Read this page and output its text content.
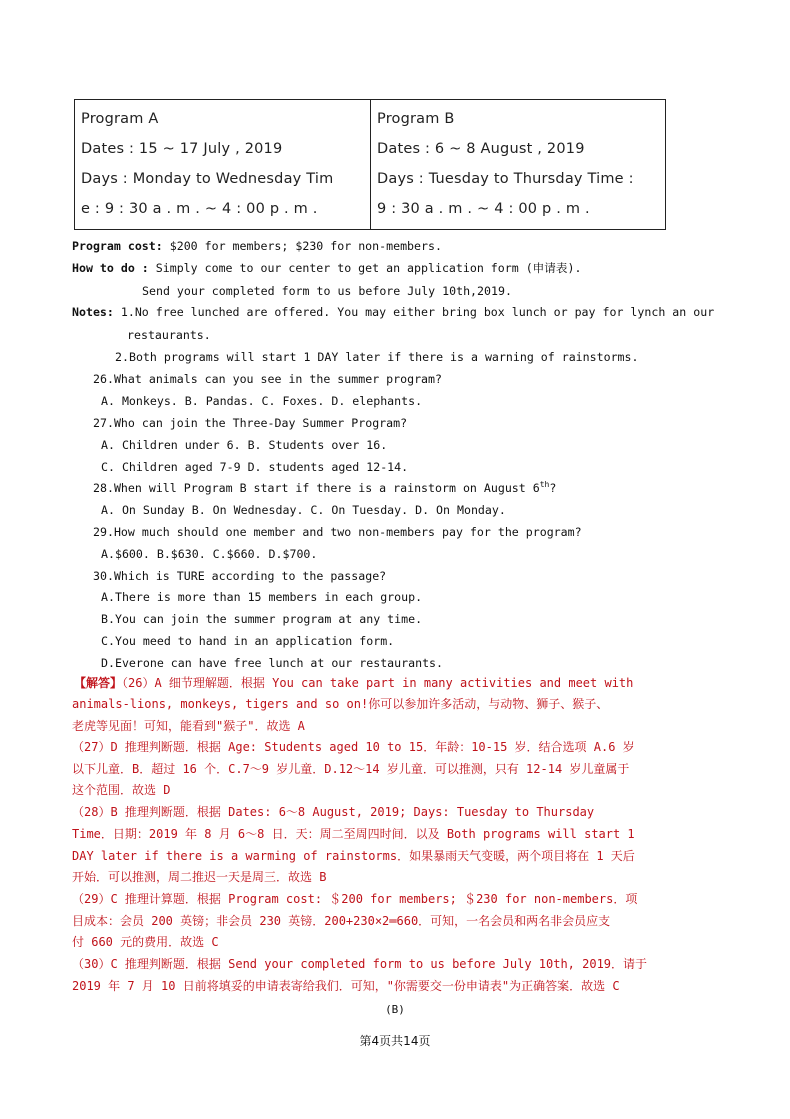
Program A
Dates : 15 ~ 17 July , 2019
Days : Monday to Wednesday Tim
e : 9 : 30 a . m . ~ 4 : 00 p . m .
Program B
Dates : 6 ~ 8 August , 2019
Days : Tuesday to Thursday Time :
9 : 30 a . m . ~ 4 : 00 p . m .
Program cost: $200 for members; $230 for non-members.
How to do : Simply come to our center to get an application form (申请表).
Send your completed form to us before July 10th,2019.
Notes: 1.No free lunched are offered. You may either bring box lunch or pay for lynch an our
restaurants.
2.Both programs will start 1 DAY later if there is a warning of rainstorms.
26.What animals can you see in the summer program?
A. Monkeys. B. Pandas. C. Foxes. D. elephants.
27.Who can join the Three-Day Summer Program?
A. Children under 6. B. Students over 16.
C. Children aged 7-9 D. students aged 12-14.
28.When will Program B start if there is a rainstorm on August 6th?
A. On Sunday B. On Wednesday. C. On Tuesday. D. On Monday.
29.How much should one member and two non-members pay for the program?
A.$600. B.$630. C.$660. D.$700.
30.Which is TURE according to the passage?
A.There is more than 15 members in each group.
B.You can join the summer program at any time.
C.You meed to hand in an application form.
D.Everone can have free lunch at our restaurants.
【解答】（26）A 细节理解题．根据 You can take part in many activities and meet with
animals-lions, monkeys, tigers and so on!你可以参加许多活动，与动物、狮子、猴子、
老虎等见面！可知，能看到"猴子"．故选 A
（27）D 推理判断题．根据 Age: Students aged 10 to 15．年龄：10-15 岁．结合选项 A.6 岁
以下儿童．B．超过 16 个．C.7～9 岁儿童．D.12～14 岁儿童．可以推测，只有 12-14 岁儿童属于
这个范围．故选 D
（28）B 推理判断题．根据 Dates: 6～8 August, 2019; Days: Tuesday to Thursday
Time．日期：2019 年 8 月 6～8 日．天：周二至周四时间．以及 Both programs will start 1
DAY later if there is a warming of rainstorms．如果暴雨天气变暖，两个项目将在 1 天后
开始．可以推测，周二推迟一天是周三．故选 B
（29）C 推理计算题．根据 Program cost: ＄200 for members; ＄230 for non-members．项
目成本：会员 200 英镑；非会员 230 英镑．200+230×2═660．可知，一名会员和两名非会员应支
付 660 元的费用．故选 C
（30）C 推理判断题．根据 Send your completed form to us before July 10th, 2019．请于
2019 年 7 月 10 日前将填妥的申请表寄给我们．可知，"你需要交一份申请表"为正确答案．故选 C
(B)
第4页共14页
